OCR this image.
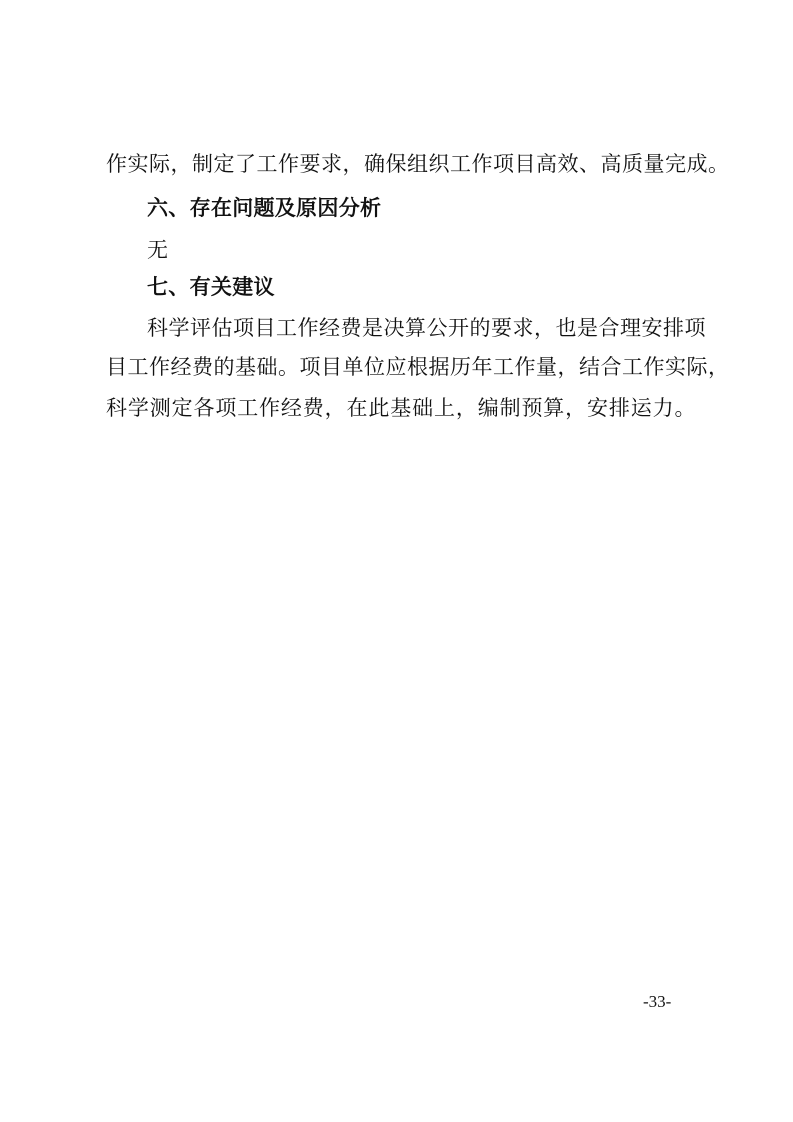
作实际，制定了工作要求，确保组织工作项目高效、高质量完成。
六、存在问题及原因分析
无
七、有关建议
科学评估项目工作经费是决算公开的要求，也是合理安排项
目工作经费的基础。项目单位应根据历年工作量，结合工作实际，
科学测定各项工作经费，在此基础上，编制预算，安排运力。
-33-
